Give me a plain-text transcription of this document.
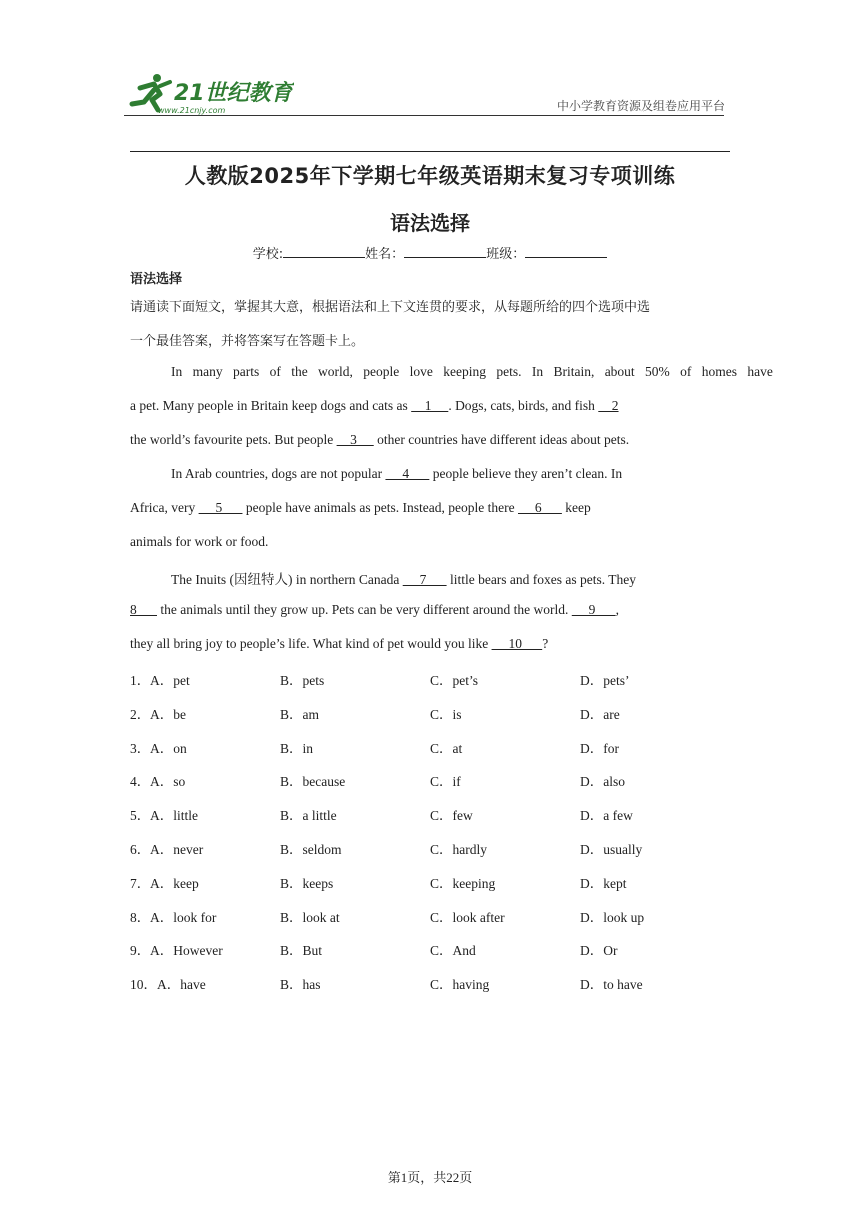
21世纪教育
www.21cnjy.com	中小学教育资源及组卷应用平台
人教版2025年下学期七年级英语期末复习专项训练
语法选择
学校:	姓名：	班级：
语法选择
请通读下面短文，掌握其大意，根据语法和上下文连贯的要求，从每题所给的四个选项中选
一个最佳答案，并将答案写在答题卡上。
In many parts of the world, people love keeping pets. In Britain, about 50% of homes have
a pet. Many people in Britain keep dogs and cats as     1     . Dogs, cats, birds, and fish     2
the world’s favourite pets. But people     3      other countries have different ideas about pets.
In Arab countries, dogs are not popular      4       people believe they aren’t clean. In
Africa, very      5       people have animals as pets. Instead, people there      6       keep
animals for work or food.
The Inuits (因纽特人) in northern Canada      7       little bears and foxes as pets. They
8       the animals until they grow up. Pets can be very different around the world.      9      ,
they all bring joy to people’s life. What kind of pet would you like      10      ?
1． A．pet	B．pets	C．pet’s	D．pets’
2． A．be	B．am	C．is	D．are
3． A．on	B．in	C．at	D．for
4． A．so	B．because	C．if	D．also
5． A．little	B．a little	C．few	D．a few
6． A．never	B．seldom	C．hardly	D．usually
7． A．keep	B．keeps	C．keeping	D．kept
8． A．look for	B．look at	C．look after	D．look up
9． A．However	B．But	C．And	D．Or
10． A．have	B．has	C．having	D．to have
第1页，共22页
